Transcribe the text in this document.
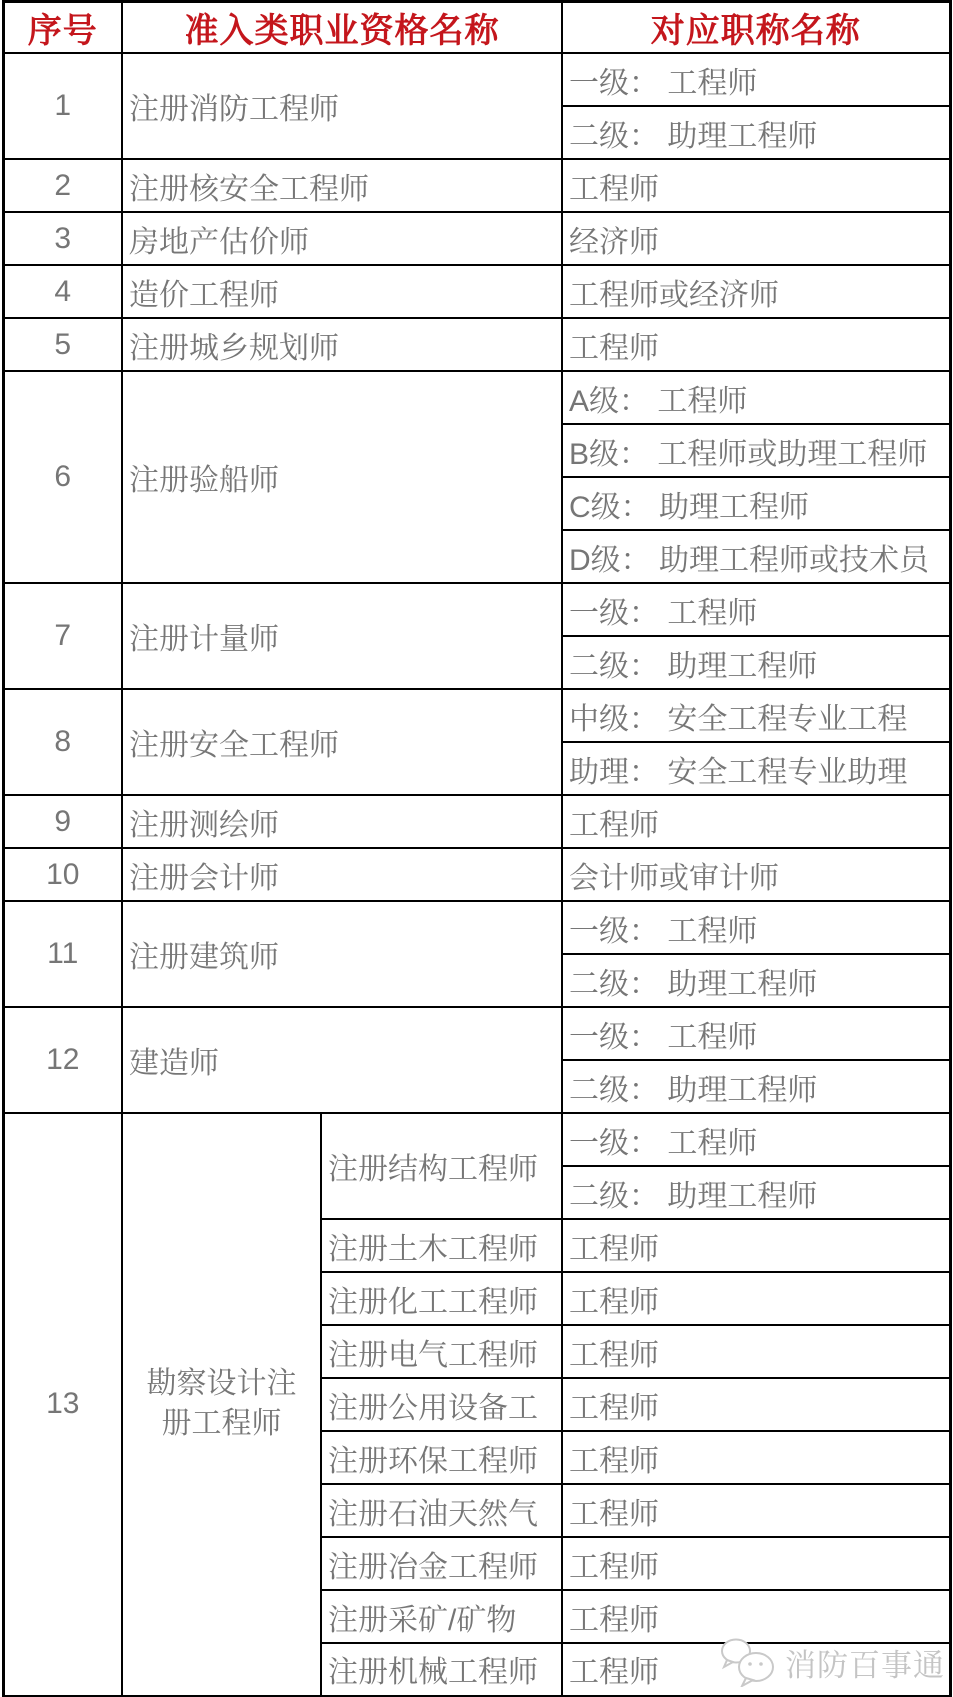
序号	准入类职业资格名称		对应职称名称
1	注册消防工程师		一级： 工程师
			二级： 助理工程师
2	注册核安全工程师		工程师
3	房地产估价师		经济师
4	造价工程师		工程师或经济师
5	注册城乡规划师		工程师
6	注册验船师		A级： 工程师
			B级： 工程师或助理工程师
			C级： 助理工程师
			D级： 助理工程师或技术员
7	注册计量师		一级： 工程师
			二级： 助理工程师
8	注册安全工程师		中级： 安全工程专业工程
			助理： 安全工程专业助理
9	注册测绘师		工程师
10	注册会计师		会计师或审计师
11	注册建筑师		一级： 工程师
			二级： 助理工程师
12	建造师		一级： 工程师
			二级： 助理工程师
13	勘察设计注册工程师	注册结构工程师	一级： 工程师
			二级： 助理工程师
		注册土木工程师	工程师
		注册化工工程师	工程师
		注册电气工程师	工程师
		注册公用设备工	工程师
		注册环保工程师	工程师
		注册石油天然气	工程师
		注册冶金工程师	工程师
		注册采矿/矿物	工程师
		注册机械工程师	工程师	消防百事通
